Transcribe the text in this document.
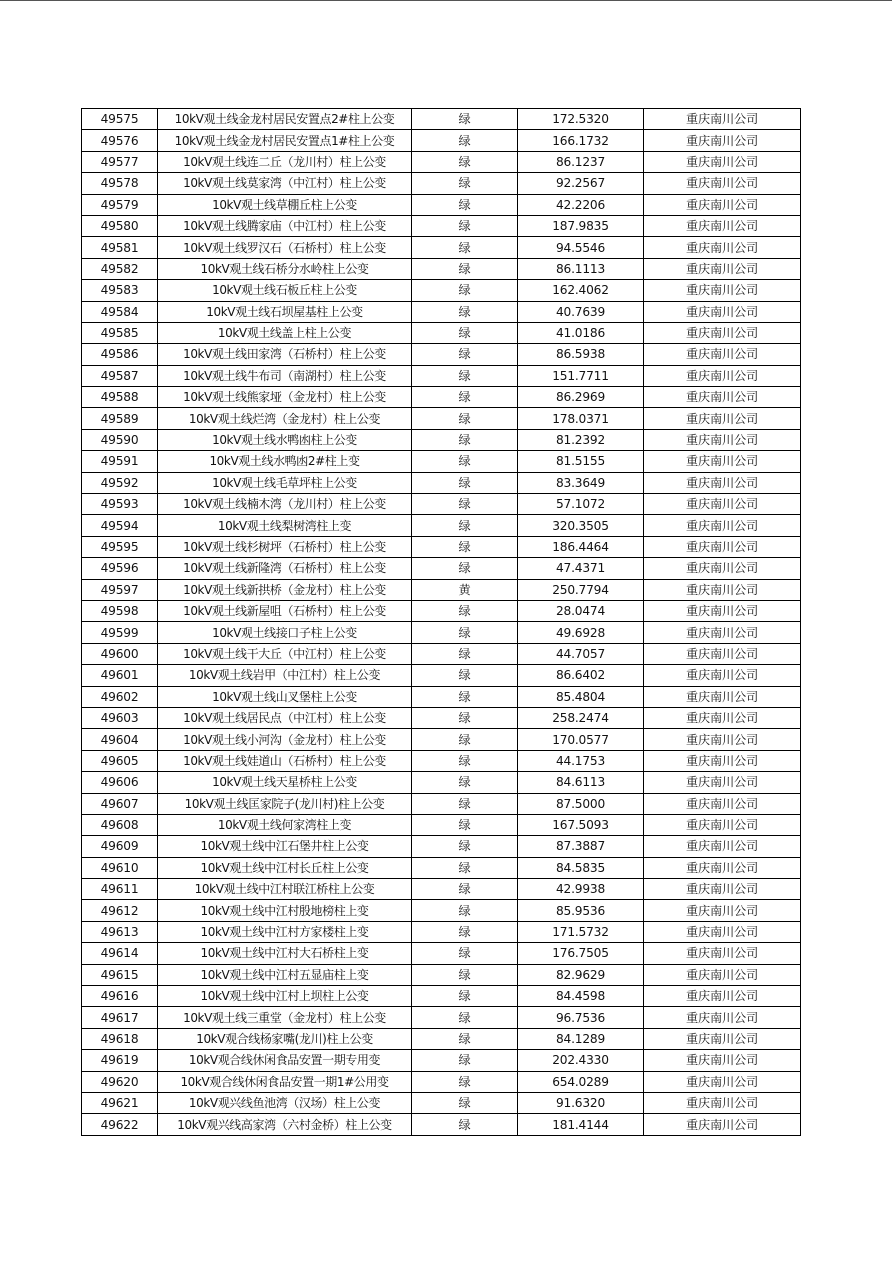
49575	10kV观土线金龙村居民安置点2#柱上公变	绿	172.5320	重庆南川公司
49576	10kV观土线金龙村居民安置点1#柱上公变	绿	166.1732	重庆南川公司
49577	10kV观土线连二丘（龙川村）柱上公变	绿	86.1237	重庆南川公司
49578	10kV观土线莫家湾（中江村）柱上公变	绿	92.2567	重庆南川公司
49579	10kV观土线草棚丘柱上公变	绿	42.2206	重庆南川公司
49580	10kV观土线腾家庙（中江村）柱上公变	绿	187.9835	重庆南川公司
49581	10kV观土线罗汉石（石桥村）柱上公变	绿	94.5546	重庆南川公司
49582	10kV观土线石桥分水岭柱上公变	绿	86.1113	重庆南川公司
49583	10kV观土线石板丘柱上公变	绿	162.4062	重庆南川公司
49584	10kV观土线石坝屋基柱上公变	绿	40.7639	重庆南川公司
49585	10kV观土线盖上柱上公变	绿	41.0186	重庆南川公司
49586	10kV观土线田家湾（石桥村）柱上公变	绿	86.5938	重庆南川公司
49587	10kV观土线牛布司（南湖村）柱上公变	绿	151.7711	重庆南川公司
49588	10kV观土线熊家垭（金龙村）柱上公变	绿	86.2969	重庆南川公司
49589	10kV观土线烂湾（金龙村）柱上公变	绿	178.0371	重庆南川公司
49590	10kV观土线水鸭凼柱上公变	绿	81.2392	重庆南川公司
49591	10kV观土线水鸭凼2#柱上变	绿	81.5155	重庆南川公司
49592	10kV观土线毛草坪柱上公变	绿	83.3649	重庆南川公司
49593	10kV观土线楠木湾（龙川村）柱上公变	绿	57.1072	重庆南川公司
49594	10kV观土线梨树湾柱上变	绿	320.3505	重庆南川公司
49595	10kV观土线杉树坪（石桥村）柱上公变	绿	186.4464	重庆南川公司
49596	10kV观土线新隆湾（石桥村）柱上公变	绿	47.4371	重庆南川公司
49597	10kV观土线新拱桥（金龙村）柱上公变	黄	250.7794	重庆南川公司
49598	10kV观土线新屋咀（石桥村）柱上公变	绿	28.0474	重庆南川公司
49599	10kV观土线接口子柱上公变	绿	49.6928	重庆南川公司
49600	10kV观土线干大丘（中江村）柱上公变	绿	44.7057	重庆南川公司
49601	10kV观土线岩甲（中江村）柱上公变	绿	86.6402	重庆南川公司
49602	10kV观土线山叉堡柱上公变	绿	85.4804	重庆南川公司
49603	10kV观土线居民点（中江村）柱上公变	绿	258.2474	重庆南川公司
49604	10kV观土线小河沟（金龙村）柱上公变	绿	170.0577	重庆南川公司
49605	10kV观土线娃道山（石桥村）柱上公变	绿	44.1753	重庆南川公司
49606	10kV观土线天星桥柱上公变	绿	84.6113	重庆南川公司
49607	10kV观土线匡家院子(龙川村)柱上公变	绿	87.5000	重庆南川公司
49608	10kV观土线何家湾柱上变	绿	167.5093	重庆南川公司
49609	10kV观土线中江石堡井柱上公变	绿	87.3887	重庆南川公司
49610	10kV观土线中江村长丘柱上公变	绿	84.5835	重庆南川公司
49611	10kV观土线中江村联江桥柱上公变	绿	42.9938	重庆南川公司
49612	10kV观土线中江村殷地榜柱上变	绿	85.9536	重庆南川公司
49613	10kV观土线中江村方家楼柱上变	绿	171.5732	重庆南川公司
49614	10kV观土线中江村大石桥柱上变	绿	176.7505	重庆南川公司
49615	10kV观土线中江村五显庙柱上变	绿	82.9629	重庆南川公司
49616	10kV观土线中江村上坝柱上公变	绿	84.4598	重庆南川公司
49617	10kV观土线三重堂（金龙村）柱上公变	绿	96.7536	重庆南川公司
49618	10kV观合线杨家嘴(龙川)柱上公变	绿	84.1289	重庆南川公司
49619	10kV观合线休闲食品安置一期专用变	绿	202.4330	重庆南川公司
49620	10kV观合线休闲食品安置一期1#公用变	绿	654.0289	重庆南川公司
49621	10kV观兴线鱼池湾（汉场）柱上公变	绿	91.6320	重庆南川公司
49622	10kV观兴线高家湾（六村金桥）柱上公变	绿	181.4144	重庆南川公司
